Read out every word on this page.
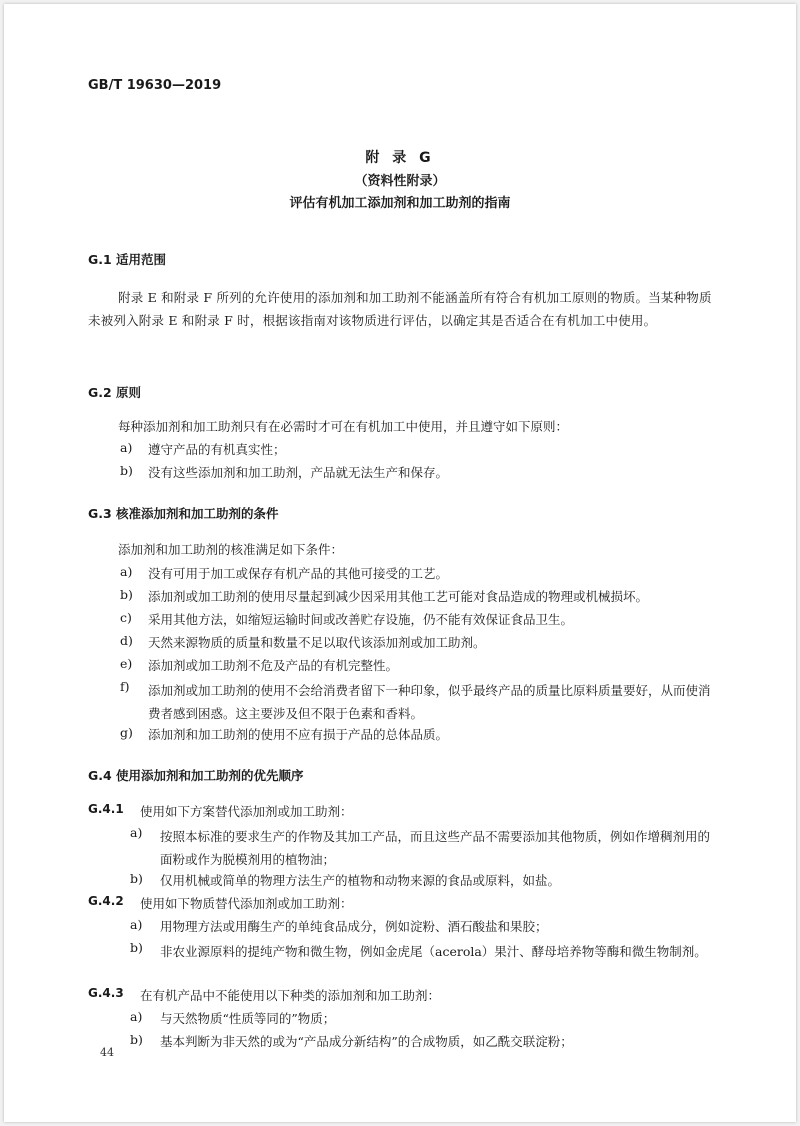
GB/T 19630—2019
附 录 G
（资料性附录）
评估有机加工添加剂和加工助剂的指南
G.1 适用范围
附录 E 和附录 F 所列的允许使用的添加剂和加工助剂不能涵盖所有符合有机加工原则的物质。当某种物质未被列入附录 E 和附录 F 时，根据该指南对该物质进行评估，以确定其是否适合在有机加工中使用。
G.2 原则
每种添加剂和加工助剂只有在必需时才可在有机加工中使用，并且遵守如下原则：
a) 遵守产品的有机真实性；
b) 没有这些添加剂和加工助剂，产品就无法生产和保存。
G.3 核准添加剂和加工助剂的条件
添加剂和加工助剂的核准满足如下条件：
a) 没有可用于加工或保存有机产品的其他可接受的工艺。
b) 添加剂或加工助剂的使用尽量起到减少因采用其他工艺可能对食品造成的物理或机械损坏。
c) 采用其他方法，如缩短运输时间或改善贮存设施，仍不能有效保证食品卫生。
d) 天然来源物质的质量和数量不足以取代该添加剂或加工助剂。
e) 添加剂或加工助剂不危及产品的有机完整性。
f) 添加剂或加工助剂的使用不会给消费者留下一种印象，似乎最终产品的质量比原料质量要好，从而使消费者感到困惑。这主要涉及但不限于色素和香料。
g) 添加剂和加工助剂的使用不应有损于产品的总体品质。
G.4 使用添加剂和加工助剂的优先顺序
G.4.1 使用如下方案替代添加剂或加工助剂：
a) 按照本标准的要求生产的作物及其加工产品，而且这些产品不需要添加其他物质，例如作增稠剂用的面粉或作为脱模剂用的植物油；
b) 仅用机械或简单的物理方法生产的植物和动物来源的食品或原料，如盐。
G.4.2 使用如下物质替代添加剂或加工助剂：
a) 用物理方法或用酶生产的单纯食品成分，例如淀粉、酒石酸盐和果胶；
b) 非农业源原料的提纯产物和微生物，例如金虎尾（acerola）果汁、酵母培养物等酶和微生物制剂。
G.4.3 在有机产品中不能使用以下种类的添加剂和加工助剂：
a) 与天然物质“性质等同的”物质；
b) 基本判断为非天然的或为“产品成分新结构”的合成物质，如乙酰交联淀粉；
44
